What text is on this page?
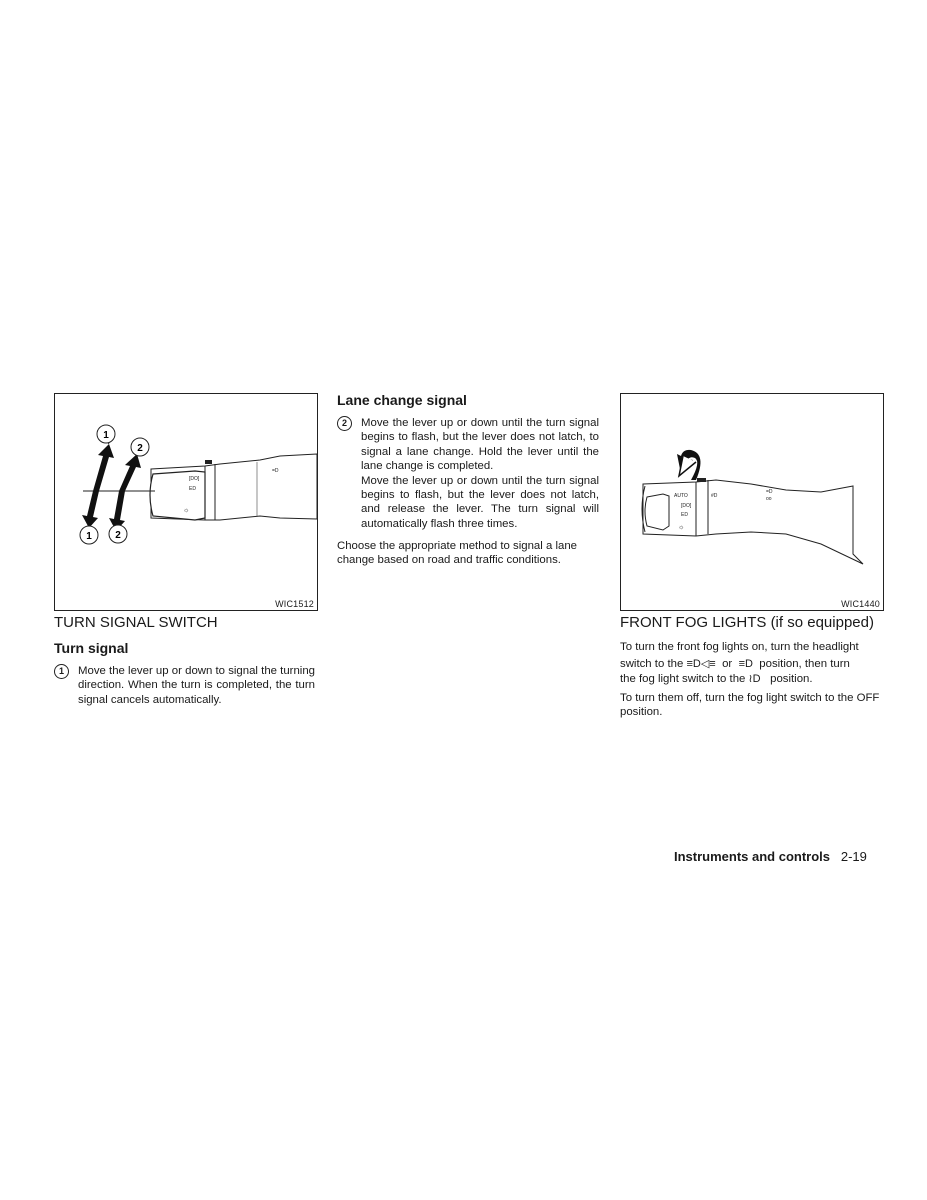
[DO]
ED
☼
=D
1
2
1 2
WIC1512
TURN SIGNAL SWITCH
Turn signal
1	Move the lever up or down to signal the turning direction. When the turn is completed, the turn signal cancels automatically.
Lane change signal
2	Move the lever up or down until the turn signal begins to flash, but the lever does not latch, to signal a lane change. Hold the lever until the lane change is completed.
Move the lever up or down until the turn signal begins to flash, but the lever does not latch, and release the lever. The turn signal will automatically flash three times.

Choose the appropriate method to signal a lane change based on road and traffic conditions.

AUTO
[DO]
ED
☼
#D
=D
oo
WIC1440
FRONT FOG LIGHTS (if so equipped)
To turn the front fog lights on, turn the headlight
switch to the ≡D◁≡ or ≡D position, then turn
the fog light switch to the ≀D position.

To turn them off, turn the fog light switch to the OFF position.

Instruments and controls 2-19
